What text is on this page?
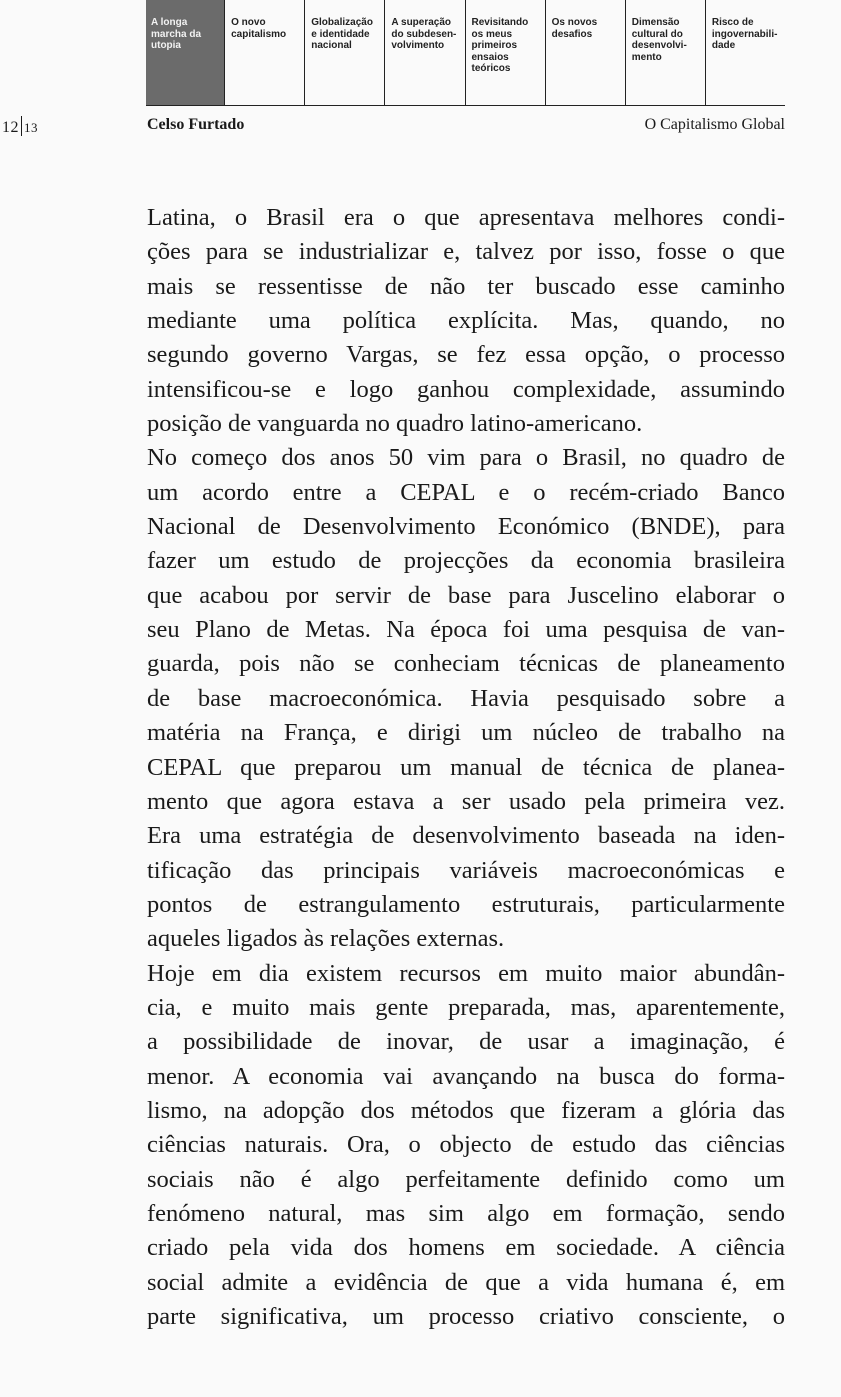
A longa
marcha da
utopia
O novo
capitalismo
Globalização
e identidade
nacional
A superação
do subdesen-
volvimento
Revisitando
os meus
primeiros
ensaios
teóricos
Os novos
desafios
Dimensão
cultural do
desenvolvi-
mento
Risco de
ingovernabili-
dade
12 13	Celso Furtado	O Capitalismo Global
Latina, o Brasil era o que apresentava melhores condi-
ções para se industrializar e, talvez por isso, fosse o que
mais se ressentisse de não ter buscado esse caminho
mediante uma política explícita. Mas, quando, no
segundo governo Vargas, se fez essa opção, o processo
intensificou-se e logo ganhou complexidade, assumindo
posição de vanguarda no quadro latino-americano.
No começo dos anos 50 vim para o Brasil, no quadro de
um acordo entre a CEPAL e o recém-criado Banco
Nacional de Desenvolvimento Económico (BNDE), para
fazer um estudo de projecções da economia brasileira
que acabou por servir de base para Juscelino elaborar o
seu Plano de Metas. Na época foi uma pesquisa de van-
guarda, pois não se conheciam técnicas de planeamento
de base macroeconómica. Havia pesquisado sobre a
matéria na França, e dirigi um núcleo de trabalho na
CEPAL que preparou um manual de técnica de planea-
mento que agora estava a ser usado pela primeira vez.
Era uma estratégia de desenvolvimento baseada na iden-
tificação das principais variáveis macroeconómicas e
pontos de estrangulamento estruturais, particularmente
aqueles ligados às relações externas.
Hoje em dia existem recursos em muito maior abundân-
cia, e muito mais gente preparada, mas, aparentemente,
a possibilidade de inovar, de usar a imaginação, é
menor. A economia vai avançando na busca do forma-
lismo, na adopção dos métodos que fizeram a glória das
ciências naturais. Ora, o objecto de estudo das ciências
sociais não é algo perfeitamente definido como um
fenómeno natural, mas sim algo em formação, sendo
criado pela vida dos homens em sociedade. A ciência
social admite a evidência de que a vida humana é, em
parte significativa, um processo criativo consciente, o
